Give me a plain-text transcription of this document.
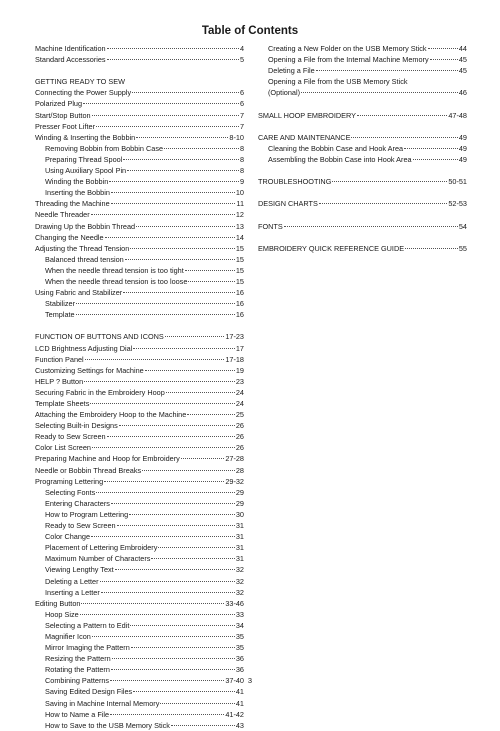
Table of Contents
Machine Identification	4
Standard Accessories	5
GETTING READY TO SEW
Connecting the Power Supply	6
Polarized Plug	6
Start/Stop Button	7
Presser Foot Lifter	7
Winding & Inserting the Bobbin	8-10
Removing Bobbin from Bobbin Case	8
Preparing Thread Spool	8
Using Auxiliary Spool Pin	8
Winding the Bobbin	9
Inserting the Bobbin	10
Threading the Machine	11
Needle Threader	12
Drawing Up the Bobbin Thread	13
Changing the Needle	14
Adjusting the Thread Tension	15
Balanced thread tension	15
When the needle thread tension is too tight	15
When the needle thread tension is too loose	15
Using Fabric and Stabilizer	16
Stabilizer	16
Template	16
FUNCTION OF BUTTONS AND ICONS	17-23
LCD Brightness Adjusting Dial	17
Function Panel	17-18
Customizing Settings for Machine	19
HELP ? Button	23
Securing Fabric in the Embroidery Hoop	24
Template Sheets	24
Attaching the Embroidery Hoop to the Machine	25
Selecting Built-in Designs	26
Ready to Sew Screen	26
Color List Screen	26
Preparing Machine and Hoop for Embroidery	27-28
Needle or Bobbin Thread Breaks	28
Programing Lettering	29-32
Selecting Fonts	29
Entering Characters	29
How to Program Lettering	30
Ready to Sew Screen	31
Color Change	31
Placement of Lettering Embroidery	31
Maximum Number of Characters	31
Viewing Lengthy Text	32
Deleting a Letter	32
Inserting a Letter	32
Editing Button	33-46
Hoop Size	33
Selecting a Pattern to Edit	34
Magnifier Icon	35
Mirror Imaging the Pattern	35
Resizing the Pattern	36
Rotating the Pattern	36
Combining Patterns	37-40
Saving Edited Design Files	41
Saving in Machine Internal Memory	41
How to Name a File	41-42
How to Save to the USB Memory Stick	43
Creating a New Folder on the USB Memory Stick	44
Opening a File from the Internal Machine Memory	45
Deleting a File	45
Opening a File from the USB Memory Stick
(Optional)	46
SMALL HOOP EMBROIDERY	47-48
CARE AND MAINTENANCE	49
Cleaning the Bobbin Case and Hook Area	49
Assembling the Bobbin Case into Hook Area	49
TROUBLESHOOTING	50-51
DESIGN CHARTS	52-53
FONTS	54
EMBROIDERY QUICK REFERENCE GUIDE	55
3
